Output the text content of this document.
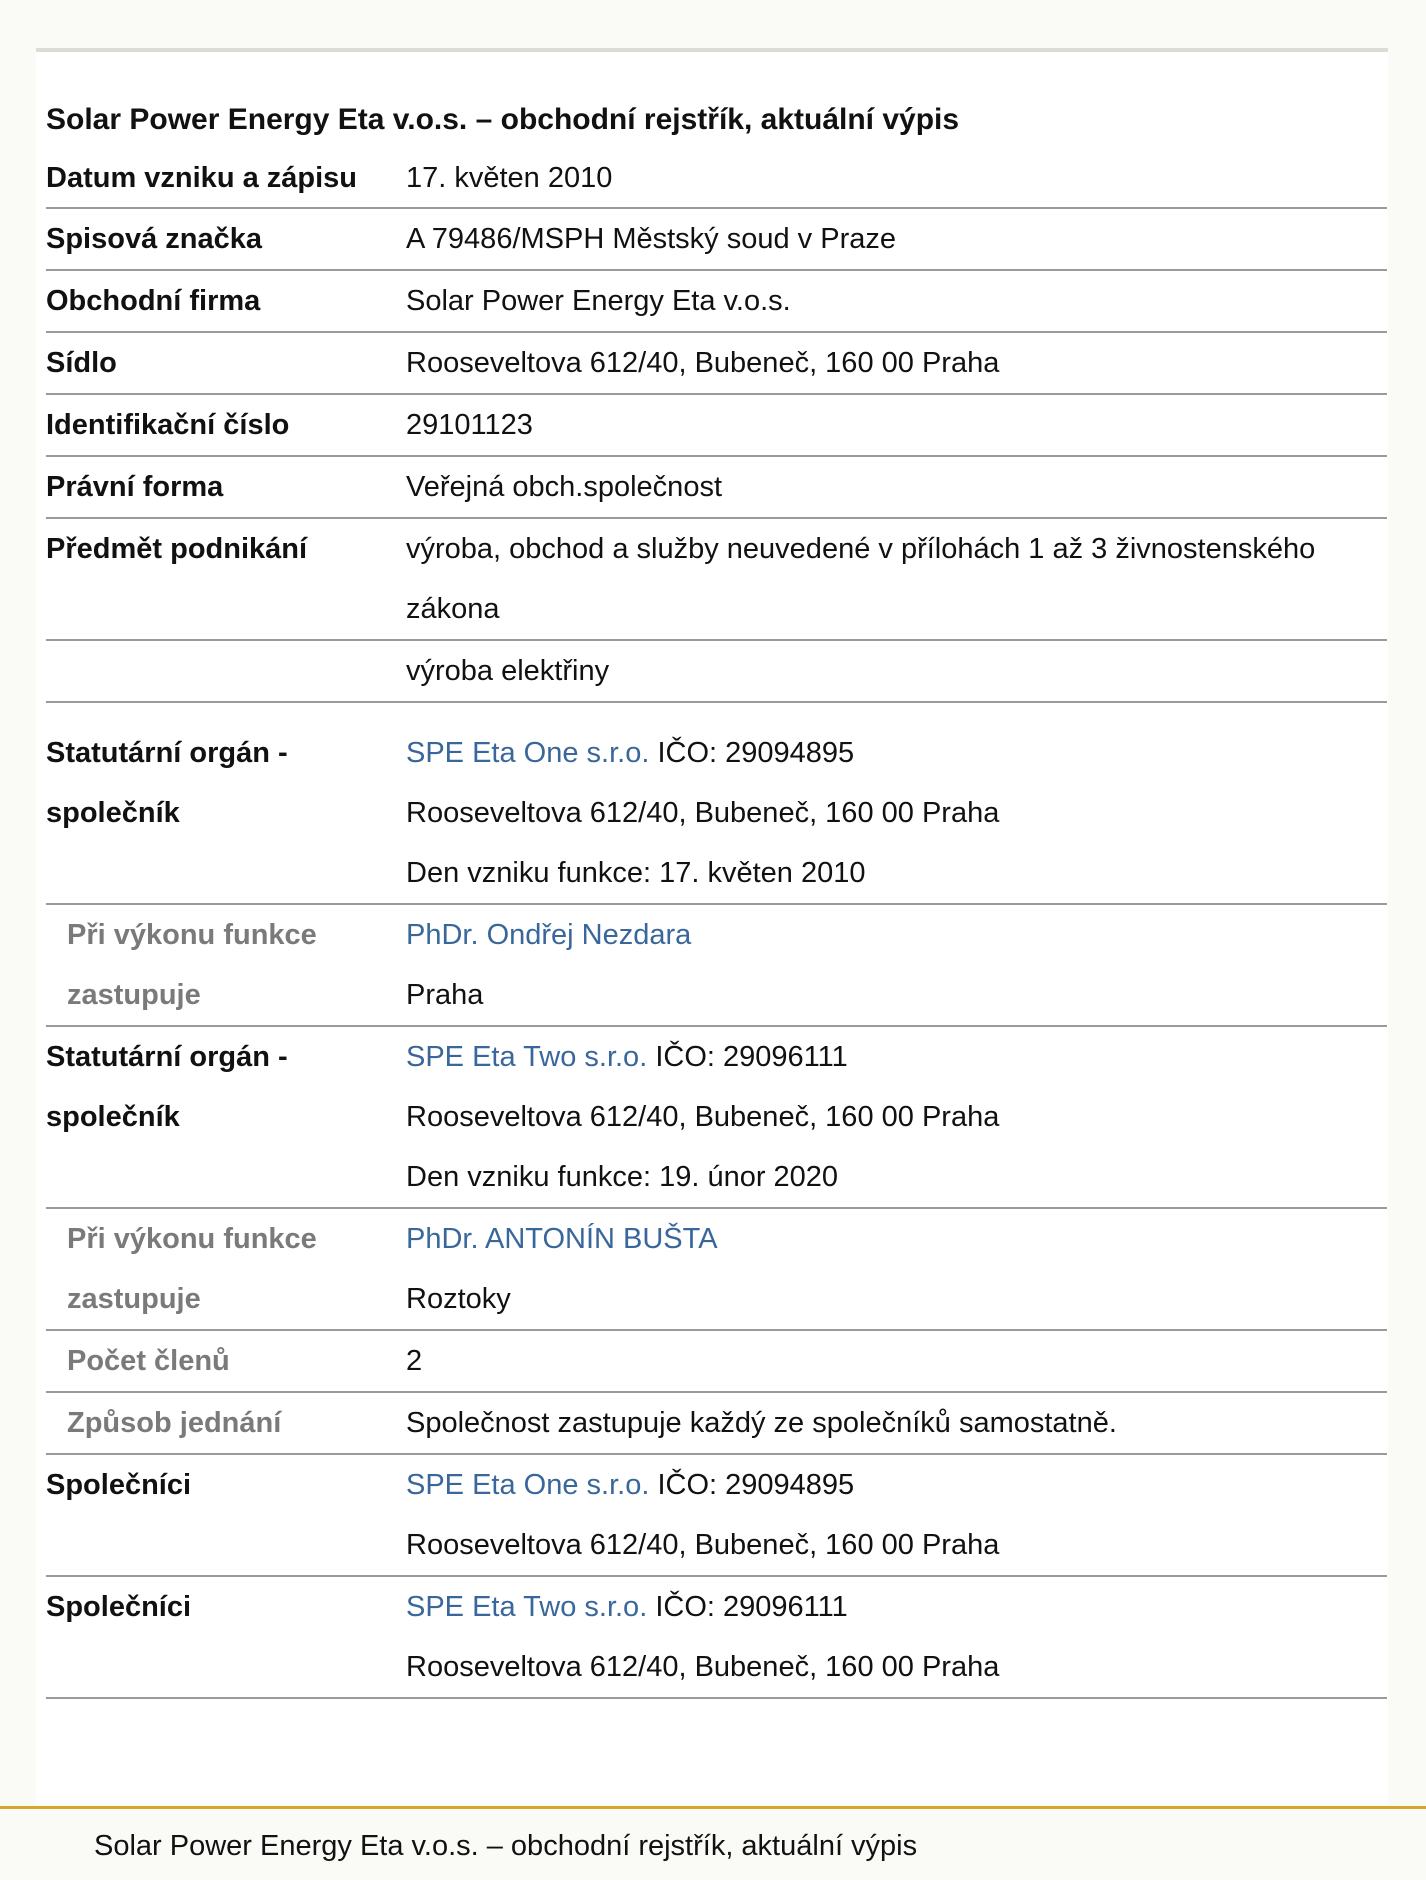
Solar Power Energy Eta v.o.s. – obchodní rejstřík, aktuální výpis
Datum vzniku a zápisu	17. květen 2010
Spisová značka	A 79486/MSPH Městský soud v Praze
Obchodní firma	Solar Power Energy Eta v.o.s.
Sídlo	Rooseveltova 612/40, Bubeneč, 160 00 Praha
Identifikační číslo	29101123
Právní forma	Veřejná obch.společnost
Předmět podnikání	výroba, obchod a služby neuvedené v přílohách 1 až 3 živnostenského zákona

	výroba elektřiny
Statutární orgán - společník	SPE Eta One s.r.o. IČO: 29094895
Rooseveltova 612/40, Bubeneč, 160 00 Praha
Den vzniku funkce: 17. květen 2010

Při výkonu funkce zastupuje	PhDr. Ondřej Nezdara
Praha

Statutární orgán - společník	SPE Eta Two s.r.o. IČO: 29096111
Rooseveltova 612/40, Bubeneč, 160 00 Praha
Den vzniku funkce: 19. únor 2020

Při výkonu funkce zastupuje	PhDr. ANTONÍN BUŠTA
Roztoky

Počet členů	2
Způsob jednání	Společnost zastupuje každý ze společníků samostatně.
Společníci	SPE Eta One s.r.o. IČO: 29094895
Rooseveltova 612/40, Bubeneč, 160 00 Praha

Společníci	SPE Eta Two s.r.o. IČO: 29096111
Rooseveltova 612/40, Bubeneč, 160 00 Praha
Solar Power Energy Eta v.o.s. – obchodní rejstřík, aktuální výpis
